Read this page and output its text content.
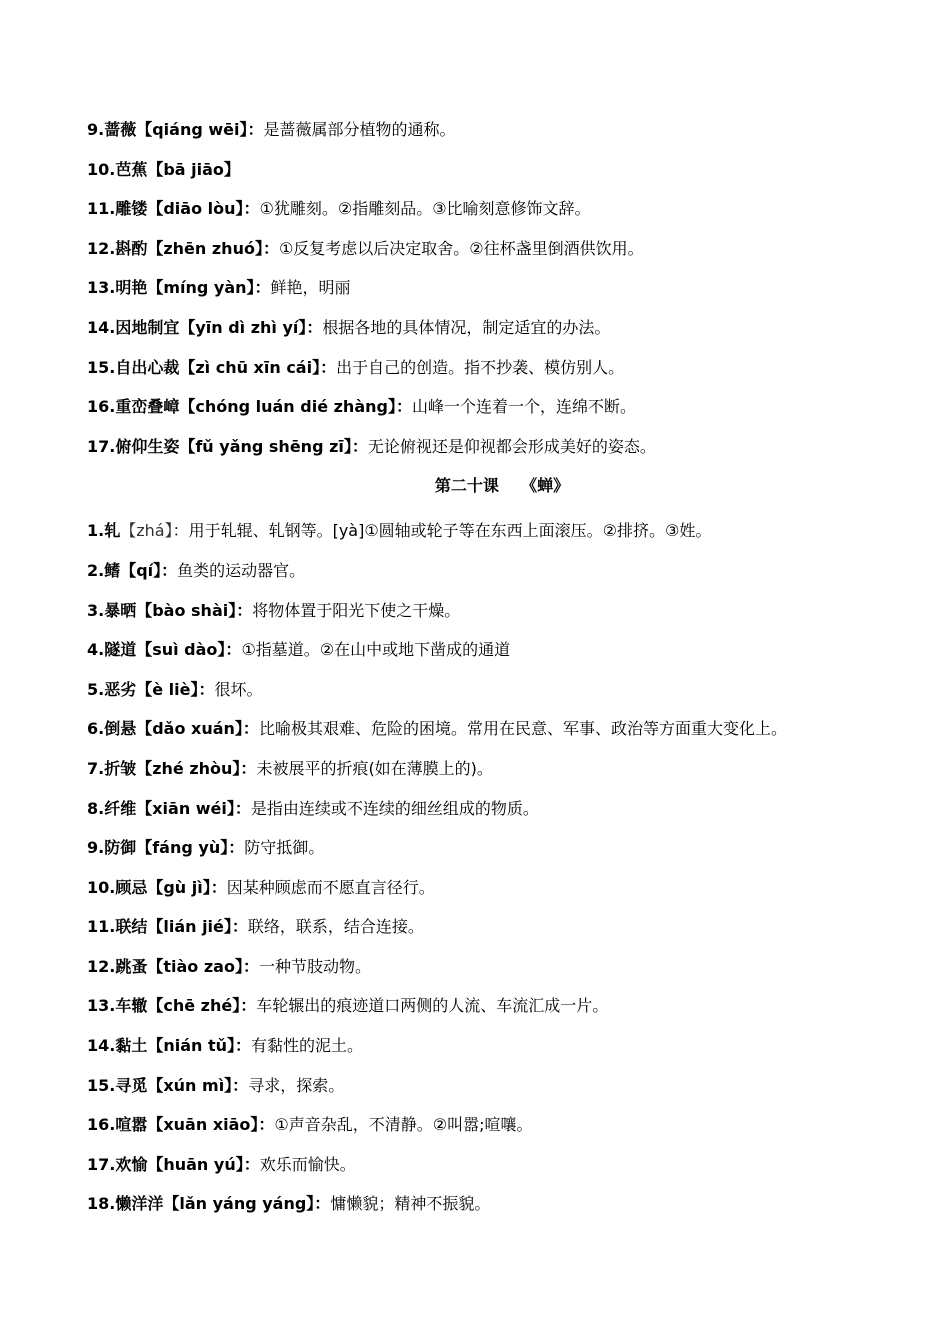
9.蔷薇【qiáng wēi】：是蔷薇属部分植物的通称。
10.芭蕉【bā jiāo】
11.雕镂【diāo lòu】：①犹雕刻。②指雕刻品。③比喻刻意修饰文辞。
12.斟酌【zhēn zhuó】：①反复考虑以后决定取舍。②往杯盏里倒酒供饮用。
13.明艳【míng yàn】：鲜艳，明丽
14.因地制宜【yīn dì zhì yí】：根据各地的具体情况，制定适宜的办法。
15.自出心裁【zì chū xīn cái】：出于自己的创造。指不抄袭、模仿别人。
16.重峦叠嶂【chóng luán dié zhàng】：山峰一个连着一个，连绵不断。
17.俯仰生姿【fǔ yǎng shēng zī】：无论俯视还是仰视都会形成美好的姿态。
第二十课    《蝉》
1.轧【zhá】：用于轧辊、轧钢等。[yà]①圆轴或轮子等在东西上面滚压。②排挤。③姓。
2.鳍【qí】：鱼类的运动器官。
3.暴晒【bào shài】：将物体置于阳光下使之干燥。
4.隧道【suì dào】：①指墓道。②在山中或地下凿成的通道
5.恶劣【è liè】：很坏。
6.倒悬【dǎo xuán】：比喻极其艰难、危险的困境。常用在民意、军事、政治等方面重大变化上。
7.折皱【zhé zhòu】：未被展平的折痕(如在薄膜上的)。
8.纤维【xiān wéi】：是指由连续或不连续的细丝组成的物质。
9.防御【fáng yù】：防守抵御。
10.顾忌【gù jì】：因某种顾虑而不愿直言径行。
11.联结【lián jié】：联络，联系，结合连接。
12.跳蚤【tiào zao】：一种节肢动物。
13.车辙【chē zhé】：车轮辗出的痕迹道口两侧的人流、车流汇成一片。
14.黏土【nián tǔ】：有黏性的泥土。
15.寻觅【xún mì】：寻求，探索。
16.喧嚣【xuān xiāo】：①声音杂乱，不清静。②叫嚣;喧嚷。
17.欢愉【huān yú】：欢乐而愉快。
18.懒洋洋【lǎn yáng yáng】：慵懒貌；精神不振貌。
